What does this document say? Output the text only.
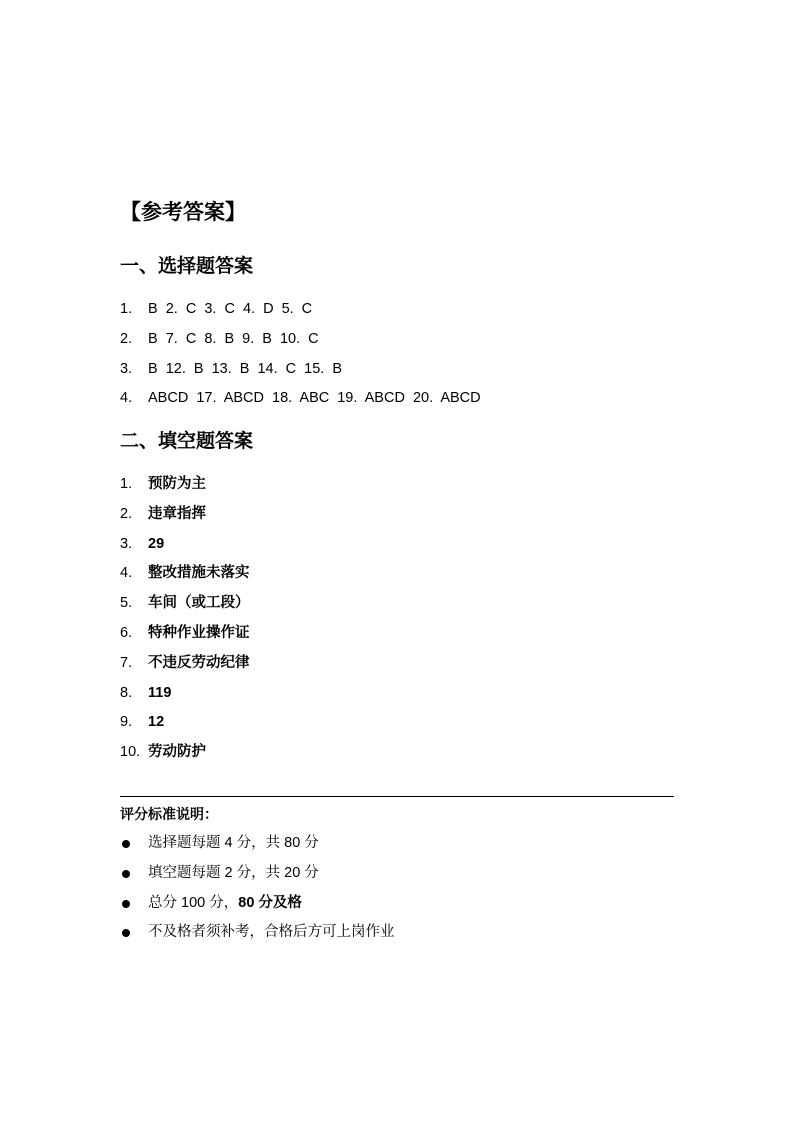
【参考答案】
一、选择题答案
1.	B 2. C 3. C 4. D 5. C
2.	B 7. C 8. B 9. B 10. C
3.	B 12. B 13. B 14. C 15. B
4.	ABCD 17. ABCD 18. ABC 19. ABCD 20. ABCD
二、填空题答案
1.	预防为主
2.	违章指挥
3.	29
4.	整改措施未落实
5.	车间（或工段）
6.	特种作业操作证
7.	不违反劳动纪律
8.	119
9.	12
10. 劳动防护
评分标准说明：
选择题每题 4 分，共 80 分
填空题每题 2 分，共 20 分
总分 100 分，80 分及格
不及格者须补考，合格后方可上岗作业
